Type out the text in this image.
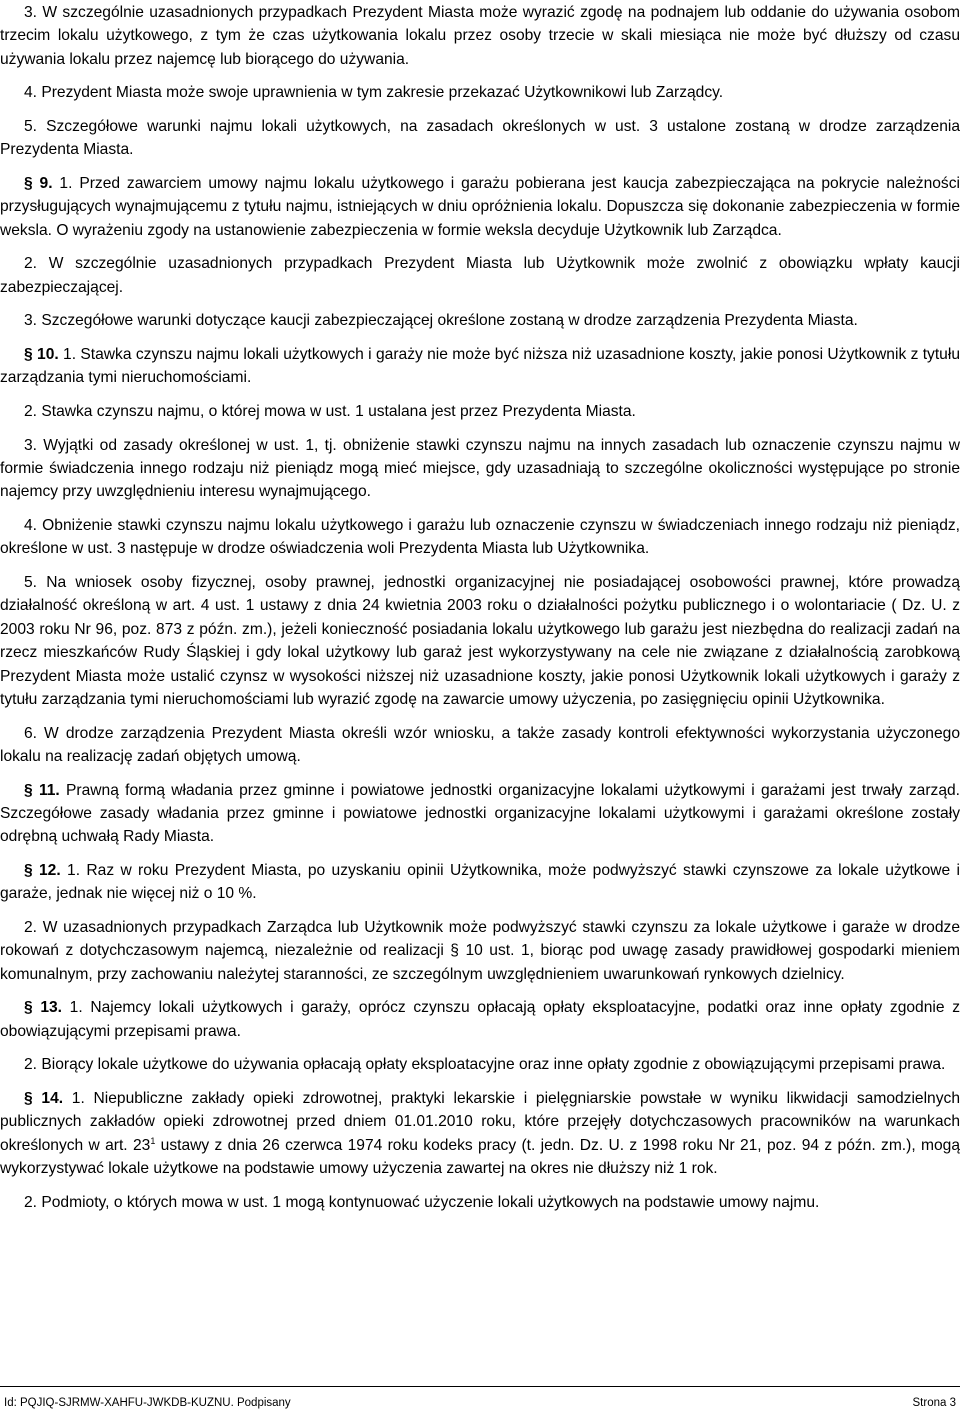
3. W szczególnie uzasadnionych przypadkach Prezydent Miasta może wyrazić zgodę na podnajem lub oddanie do używania osobom trzecim lokalu użytkowego, z tym że czas użytkowania lokalu przez osoby trzecie w skali miesiąca nie może być dłuższy od czasu używania lokalu przez najemcę lub biorącego do używania.

4. Prezydent Miasta może swoje uprawnienia w tym zakresie przekazać Użytkownikowi lub Zarządcy.

5. Szczegółowe warunki najmu lokali użytkowych, na zasadach określonych w ust. 3 ustalone zostaną w drodze zarządzenia Prezydenta Miasta.

§ 9. 1. Przed zawarciem umowy najmu lokalu użytkowego i garażu pobierana jest kaucja zabezpieczająca na pokrycie należności przysługujących wynajmującemu z tytułu najmu, istniejących w dniu opróżnienia lokalu. Dopuszcza się dokonanie zabezpieczenia w formie weksla. O wyrażeniu zgody na ustanowienie zabezpieczenia w formie weksla decyduje Użytkownik lub Zarządca.

2. W szczególnie uzasadnionych przypadkach Prezydent Miasta lub Użytkownik może zwolnić z obowiązku wpłaty kaucji zabezpieczającej.

3. Szczegółowe warunki dotyczące kaucji zabezpieczającej określone zostaną w drodze zarządzenia Prezydenta Miasta.

§ 10. 1. Stawka czynszu najmu lokali użytkowych i garaży nie może być niższa niż uzasadnione koszty, jakie ponosi Użytkownik z tytułu zarządzania tymi nieruchomościami.

2. Stawka czynszu najmu, o której mowa w ust. 1 ustalana jest przez Prezydenta Miasta.

3. Wyjątki od zasady określonej w ust. 1, tj. obniżenie stawki czynszu najmu na innych zasadach lub oznaczenie czynszu najmu w formie świadczenia innego rodzaju niż pieniądz mogą mieć miejsce, gdy uzasadniają to szczególne okoliczności występujące po stronie najemcy przy uwzględnieniu interesu wynajmującego.

4. Obniżenie stawki czynszu najmu lokalu użytkowego i garażu lub oznaczenie czynszu w świadczeniach innego rodzaju niż pieniądz, określone w ust. 3 następuje w drodze oświadczenia woli Prezydenta Miasta lub Użytkownika.

5. Na wniosek osoby fizycznej, osoby prawnej, jednostki organizacyjnej nie posiadającej osobowości prawnej, które prowadzą działalność określoną w art. 4 ust. 1 ustawy z dnia 24 kwietnia 2003 roku o działalności pożytku publicznego i o wolontariacie ( Dz. U. z 2003 roku Nr 96, poz. 873 z późn. zm.), jeżeli konieczność posiadania lokalu użytkowego lub garażu jest niezbędna do realizacji zadań na rzecz mieszkańców Rudy Śląskiej i gdy lokal użytkowy lub garaż jest wykorzystywany na cele nie związane z działalnością zarobkową Prezydent Miasta może ustalić czynsz w wysokości niższej niż uzasadnione koszty, jakie ponosi Użytkownik lokali użytkowych i garaży z tytułu zarządzania tymi nieruchomościami lub wyrazić zgodę na zawarcie umowy użyczenia, po zasięgnięciu opinii Użytkownika.

6. W drodze zarządzenia Prezydent Miasta określi wzór wniosku, a także zasady kontroli efektywności wykorzystania użyczonego lokalu na realizację zadań objętych umową.

§ 11. Prawną formą władania przez gminne i powiatowe jednostki organizacyjne lokalami użytkowymi i garażami jest trwały zarząd. Szczegółowe zasady władania przez gminne i powiatowe jednostki organizacyjne lokalami użytkowymi i garażami określone zostały odrębną uchwałą Rady Miasta.

§ 12. 1. Raz w roku Prezydent Miasta, po uzyskaniu opinii Użytkownika, może podwyższyć stawki czynszowe za lokale użytkowe i garaże, jednak nie więcej niż o 10 %.

2. W uzasadnionych przypadkach Zarządca lub Użytkownik może podwyższyć stawki czynszu za lokale użytkowe i garaże w drodze rokowań z dotychczasowym najemcą, niezależnie od realizacji § 10 ust. 1, biorąc pod uwagę zasady prawidłowej gospodarki mieniem komunalnym, przy zachowaniu należytej staranności, ze szczególnym uwzględnieniem uwarunkowań rynkowych dzielnicy.

§ 13. 1. Najemcy lokali użytkowych i garaży, oprócz czynszu opłacają opłaty eksploatacyjne, podatki oraz inne opłaty zgodnie z obowiązującymi przepisami prawa.

2. Biorący lokale użytkowe do używania opłacają opłaty eksploatacyjne oraz inne opłaty zgodnie z obowiązującymi przepisami prawa.

§ 14. 1. Niepubliczne zakłady opieki zdrowotnej, praktyki lekarskie i pielęgniarskie powstałe w wyniku likwidacji samodzielnych publicznych zakładów opieki zdrowotnej przed dniem 01.01.2010 roku, które przejęły dotychczasowych pracowników na warunkach określonych w art. $23^1$ ustawy z dnia 26 czerwca 1974 roku kodeks pracy (t. jedn. Dz. U. z 1998 roku Nr 21, poz. 94 z późn. zm.), mogą wykorzystywać lokale użytkowe na podstawie umowy użyczenia zawartej na okres nie dłuższy niż 1 rok.

2. Podmioty, o których mowa w ust. 1 mogą kontynuować użyczenie lokali użytkowych na podstawie umowy najmu.

Id: PQJIQ-SJRMW-XAHFU-JWKDB-KUZNU. Podpisany	Strona 3
